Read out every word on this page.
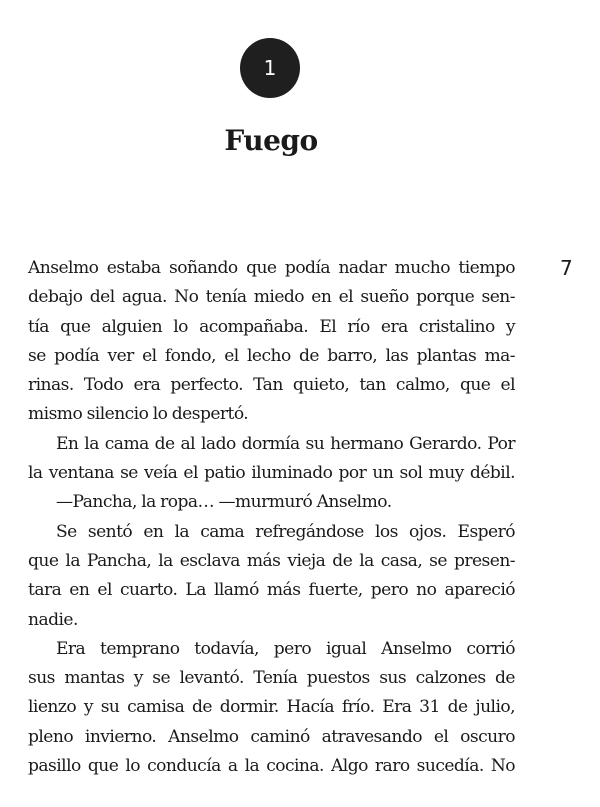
1
Fuego
7

Anselmo estaba soñando que podía nadar mucho tiempo

debajo del agua. No tenía miedo en el sueño porque sen-

tía que alguien lo acompañaba. El río era cristalino y

se podía ver el fondo, el lecho de barro, las plantas ma-

rinas. Todo era perfecto. Tan quieto, tan calmo, que el

mismo silencio lo despertó.

En la cama de al lado dormía su hermano Gerardo. Por

la ventana se veía el patio iluminado por un sol muy débil.

—Pancha, la ropa… —murmuró Anselmo.

Se sentó en la cama refregándose los ojos. Esperó

que la Pancha, la esclava más vieja de la casa, se presen-

tara en el cuarto. La llamó más fuerte, pero no apareció

nadie.

Era temprano todavía, pero igual Anselmo corrió

sus mantas y se levantó. Tenía puestos sus calzones de

lienzo y su camisa de dormir. Hacía frío. Era 31 de julio,

pleno invierno. Anselmo caminó atravesando el oscuro

pasillo que lo conducía a la cocina. Algo raro sucedía. No
